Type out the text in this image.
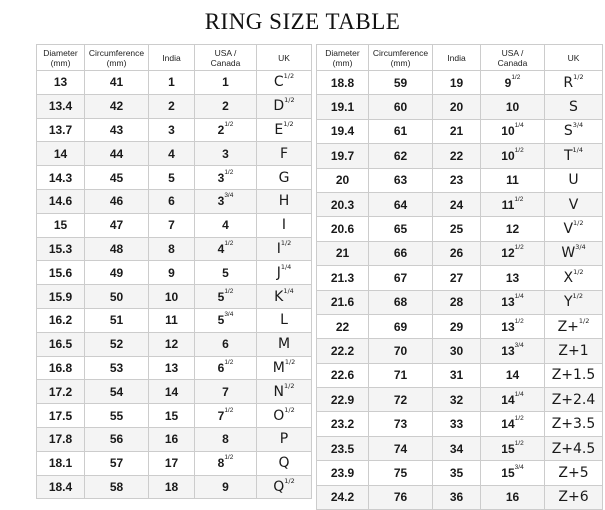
RING SIZE TABLE
Diameter
(mm)	Circumference
(mm)	India	USA /
Canada	UK
13	41	1	1	$C^{1/2}$
13.4	42	2	2	$D^{1/2}$
13.7	43	3	$2^{1/2}$	$E^{1/2}$
14	44	4	3	F
14.3	45	5	$3^{1/2}$	G
14.6	46	6	$3^{3/4}$	H
15	47	7	4	I
15.3	48	8	$4^{1/2}$	$I^{1/2}$
15.6	49	9	5	$J^{1/4}$
15.9	50	10	$5^{1/2}$	$K^{1/4}$
16.2	51	11	$5^{3/4}$	L
16.5	52	12	6	M
16.8	53	13	$6^{1/2}$	$M^{1/2}$
17.2	54	14	7	$N^{1/2}$
17.5	55	15	$7^{1/2}$	$O^{1/2}$
17.8	56	16	8	P
18.1	57	17	$8^{1/2}$	Q
18.4	58	18	9	$Q^{1/2}$
Diameter
(mm)	Circumference
(mm)	India	USA /
Canada	UK
18.8	59	19	$9^{1/2}$	$R^{1/2}$
19.1	60	20	10	S
19.4	61	21	$10^{1/4}$	$S^{3/4}$
19.7	62	22	$10^{1/2}$	$T^{1/4}$
20	63	23	11	U
20.3	64	24	$11^{1/2}$	V
20.6	65	25	12	$V^{1/2}$
21	66	26	$12^{1/2}$	$W^{3/4}$
21.3	67	27	13	$X^{1/2}$
21.6	68	28	$13^{1/4}$	$Y^{1/2}$
22	69	29	$13^{1/2}$	Z+$^{1/2}$
22.2	70	30	$13^{3/4}$	Z+1
22.6	71	31	14	Z+1.5
22.9	72	32	$14^{1/4}$	Z+2.4
23.2	73	33	$14^{1/2}$	Z+3.5
23.5	74	34	$15^{1/2}$	Z+4.5
23.9	75	35	$15^{3/4}$	Z+5
24.2	76	36	16	Z+6
